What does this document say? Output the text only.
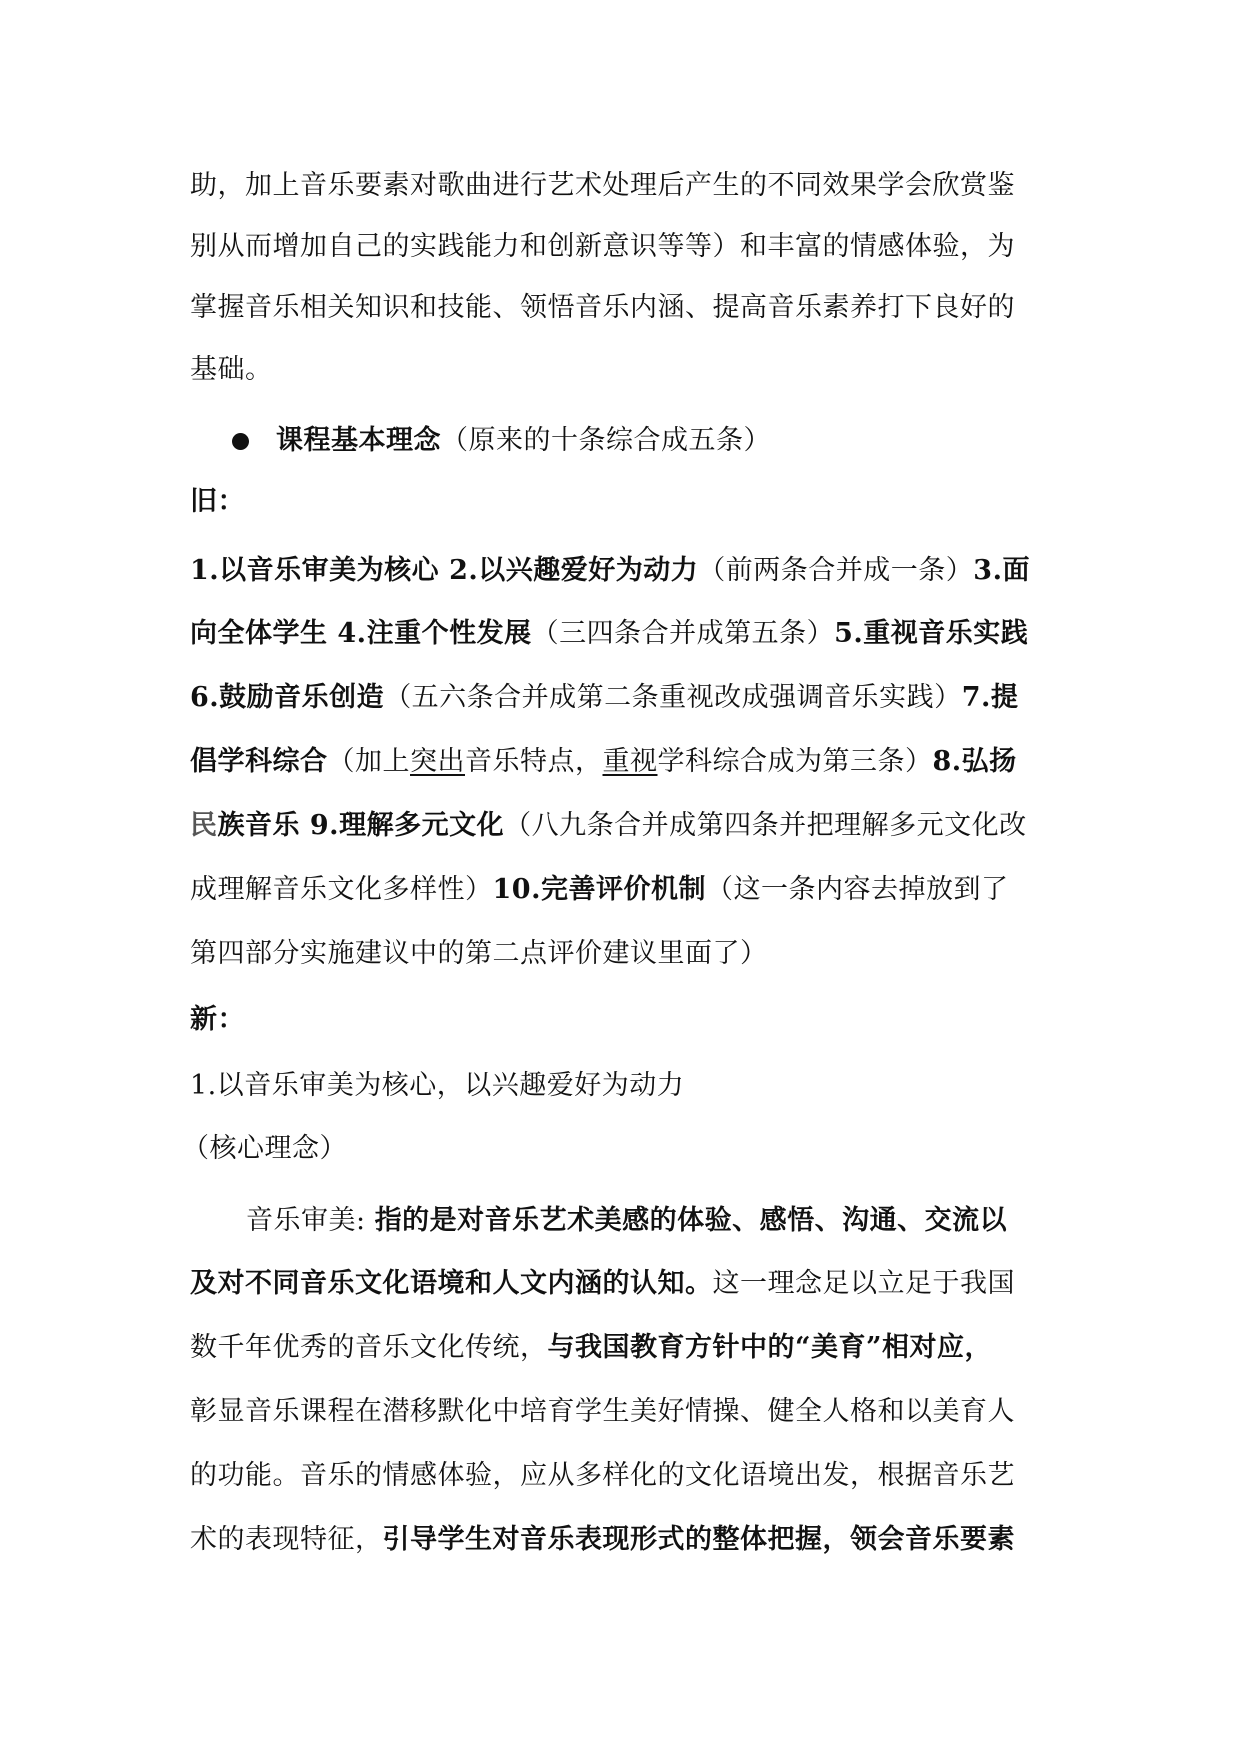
助，加上音乐要素对歌曲进行艺术处理后产生的不同效果学会欣赏鉴
别从而增加自己的实践能力和创新意识等等）和丰富的情感体验，为
掌握音乐相关知识和技能、领悟音乐内涵、提高音乐素养打下良好的
基础。
课程基本理念（原来的十条综合成五条）
旧：
1.以音乐审美为核心 2.以兴趣爱好为动力（前两条合并成一条）3.面
向全体学生 4.注重个性发展（三四条合并成第五条）5.重视音乐实践
6.鼓励音乐创造（五六条合并成第二条重视改成强调音乐实践）7.提
倡学科综合（加上突出音乐特点，重视学科综合成为第三条）8.弘扬
民族音乐 9.理解多元文化（八九条合并成第四条并把理解多元文化改
成理解音乐文化多样性）10.完善评价机制（这一条内容去掉放到了
第四部分实施建议中的第二点评价建议里面了）
新：
1.以音乐审美为核心，以兴趣爱好为动力
（核心理念）
音乐审美: 指的是对音乐艺术美感的体验、感悟、沟通、交流以
及对不同音乐文化语境和人文内涵的认知。这一理念足以立足于我国
数千年优秀的音乐文化传统，与我国教育方针中的“美育”相对应，
彰显音乐课程在潜移默化中培育学生美好情操、健全人格和以美育人
的功能。音乐的情感体验，应从多样化的文化语境出发，根据音乐艺
术的表现特征，引导学生对音乐表现形式的整体把握，领会音乐要素
